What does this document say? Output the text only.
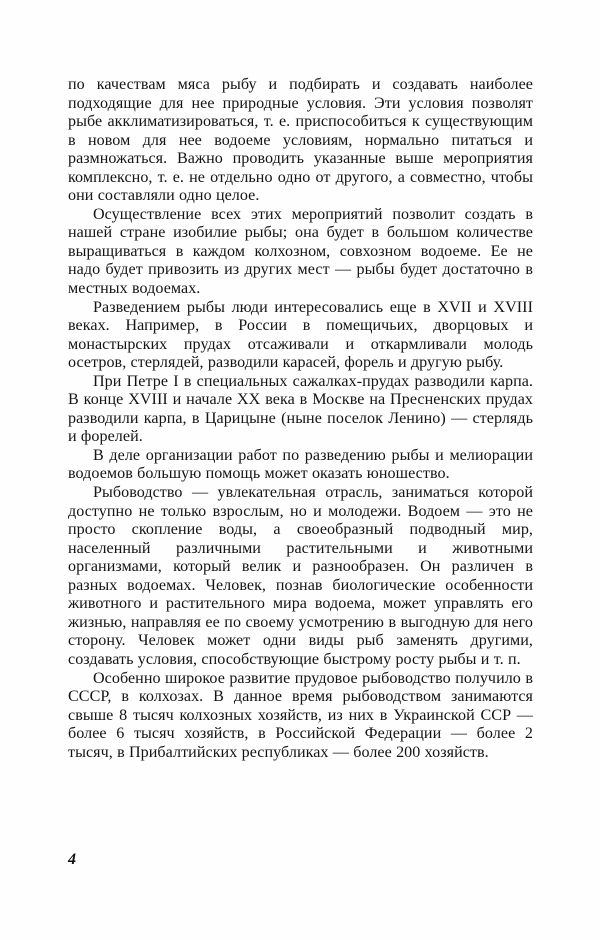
по качествам мяса рыбу и подбирать и создавать наиболее подходящие для нее природные условия. Эти условия позволят рыбе акклиматизироваться, т. е. приспособиться к существующим в новом для нее водоеме условиям, нормально питаться и размножаться. Важно проводить указанные выше мероприятия комплексно, т. е. не отдельно одно от другого, а совместно, чтобы они составляли одно целое.

Осуществление всех этих мероприятий позволит создать в нашей стране изобилие рыбы; она будет в большом количестве выращиваться в каждом колхозном, совхозном водоеме. Ее не надо будет привозить из других мест — рыбы будет достаточно в местных водоемах.

Разведением рыбы люди интересовались еще в XVII и XVIII веках. Например, в России в помещичьих, дворцовых и монастырских прудах отсаживали и откармливали молодь осетров, стерлядей, разводили карасей, форель и другую рыбу.

При Петре I в специальных сажалках-прудах разводили карпа. В конце XVIII и начале XX века в Москве на Пресненских прудах разводили карпа, в Царицыне (ныне поселок Ленино) — стерлядь и форелей.

В деле организации работ по разведению рыбы и мелиорации водоемов большую помощь может оказать юношество.

Рыбоводство — увлекательная отрасль, заниматься которой доступно не только взрослым, но и молодежи. Водоем — это не просто скопление воды, а своеобразный подводный мир, населенный различными растительными и животными организмами, который велик и разнообразен. Он различен в разных водоемах. Человек, познав биологические особенности животного и растительного мира водоема, может управлять его жизнью, направляя ее по своему усмотрению в выгодную для него сторону. Человек может одни виды рыб заменять другими, создавать условия, способствующие быстрому росту рыбы и т. п.

Особенно широкое развитие прудовое рыбоводство получило в СССР, в колхозах. В данное время рыбоводством занимаются свыше 8 тысяч колхозных хозяйств, из них в Украинской ССР — более 6 тысяч хозяйств, в Российской Федерации — более 2 тысяч, в Прибалтийских республиках — более 200 хозяйств.

4
